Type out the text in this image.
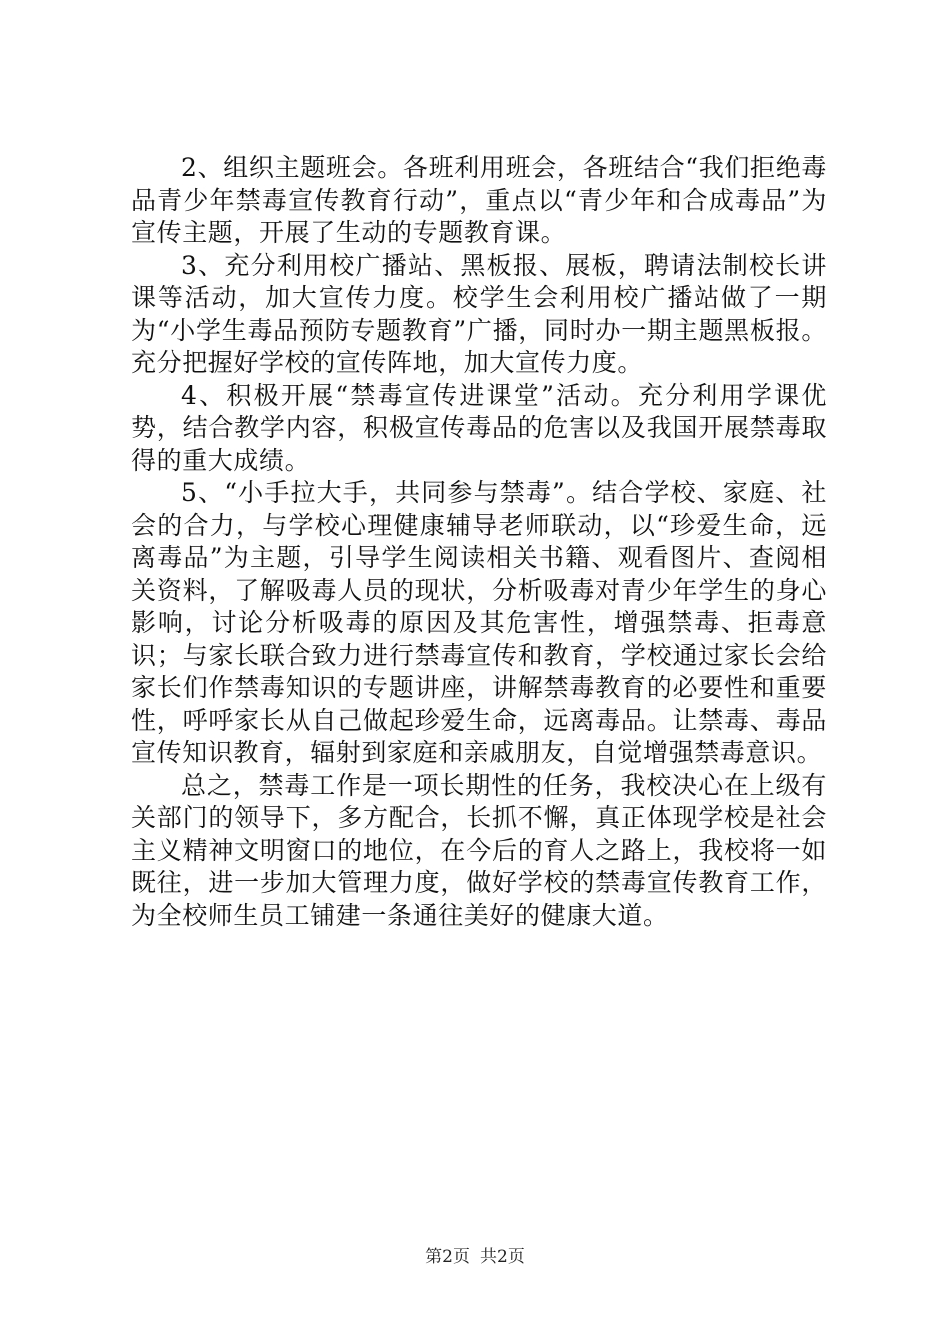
2、组织主题班会。各班利用班会，各班结合“我们拒绝毒品青少年禁毒宣传教育行动”，重点以“青少年和合成毒品”为宣传主题，开展了生动的专题教育课。

3、充分利用校广播站、黑板报、展板，聘请法制校长讲课等活动，加大宣传力度。校学生会利用校广播站做了一期为“小学生毒品预防专题教育”广播，同时办一期主题黑板报。充分把握好学校的宣传阵地，加大宣传力度。

4、积极开展“禁毒宣传进课堂”活动。充分利用学课优势，结合教学内容，积极宣传毒品的危害以及我国开展禁毒取得的重大成绩。

5、“小手拉大手，共同参与禁毒”。结合学校、家庭、社会的合力，与学校心理健康辅导老师联动，以“珍爱生命，远离毒品”为主题，引导学生阅读相关书籍、观看图片、查阅相关资料，了解吸毒人员的现状，分析吸毒对青少年学生的身心影响，讨论分析吸毒的原因及其危害性，增强禁毒、拒毒意识；与家长联合致力进行禁毒宣传和教育，学校通过家长会给家长们作禁毒知识的专题讲座，讲解禁毒教育的必要性和重要性，呼呼家长从自己做起珍爱生命，远离毒品。让禁毒、毒品宣传知识教育，辐射到家庭和亲戚朋友，自觉增强禁毒意识。

总之，禁毒工作是一项长期性的任务，我校决心在上级有关部门的领导下，多方配合，长抓不懈，真正体现学校是社会主义精神文明窗口的地位，在今后的育人之路上，我校将一如既往，进一步加大管理力度，做好学校的禁毒宣传教育工作，为全校师生员工铺建一条通往美好的健康大道。

第2页 共2页
